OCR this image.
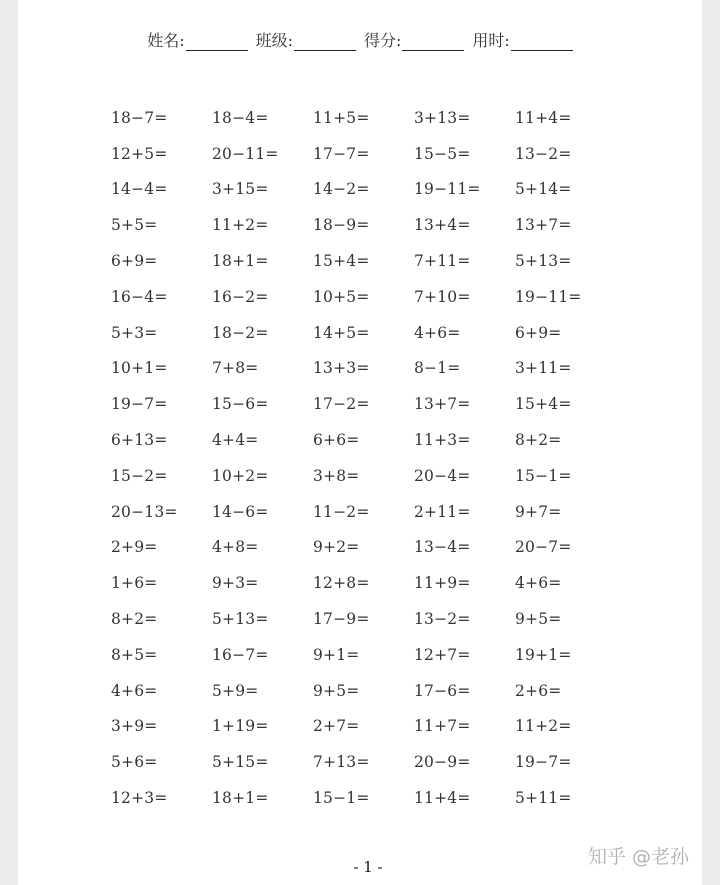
姓名:	班级:	得分:	用时:
18−7=	18−4=	11+5=	3+13=	11+4=
12+5=	20−11=	17−7=	15−5=	13−2=
14−4=	3+15=	14−2=	19−11=	5+14=
5+5=	11+2=	18−9=	13+4=	13+7=
6+9=	18+1=	15+4=	7+11=	5+13=
16−4=	16−2=	10+5=	7+10=	19−11=
5+3=	18−2=	14+5=	4+6=	6+9=
10+1=	7+8=	13+3=	8−1=	3+11=
19−7=	15−6=	17−2=	13+7=	15+4=
6+13=	4+4=	6+6=	11+3=	8+2=
15−2=	10+2=	3+8=	20−4=	15−1=
20−13=	14−6=	11−2=	2+11=	9+7=
2+9=	4+8=	9+2=	13−4=	20−7=
1+6=	9+3=	12+8=	11+9=	4+6=
8+2=	5+13=	17−9=	13−2=	9+5=
8+5=	16−7=	9+1=	12+7=	19+1=
4+6=	5+9=	9+5=	17−6=	2+6=
3+9=	1+19=	2+7=	11+7=	11+2=
5+6=	5+15=	7+13=	20−9=	19−7=
12+3=	18+1=	15−1=	11+4=	5+11=
- 1 -	知乎 @老孙
